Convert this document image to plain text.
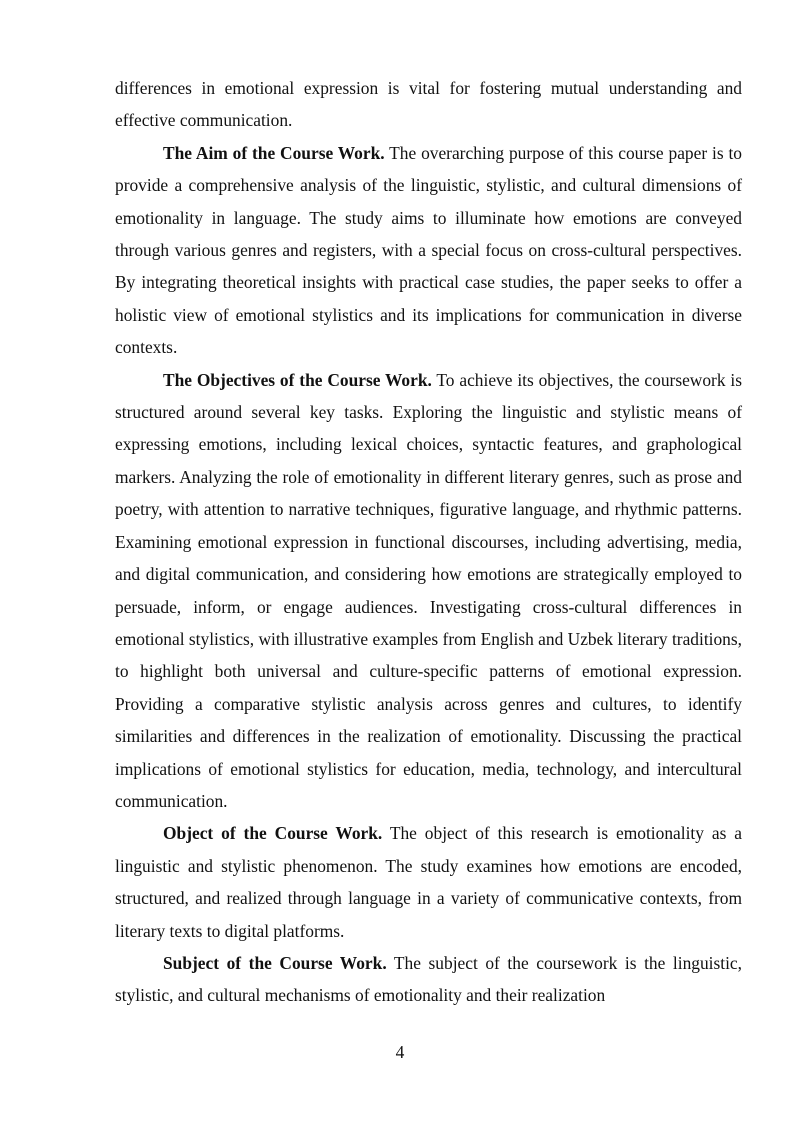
differences in emotional expression is vital for fostering mutual understanding and effective communication.

The Aim of the Course Work. The overarching purpose of this course paper is to provide a comprehensive analysis of the linguistic, stylistic, and cultural dimensions of emotionality in language. The study aims to illuminate how emotions are conveyed through various genres and registers, with a special focus on cross-cultural perspectives. By integrating theoretical insights with practical case studies, the paper seeks to offer a holistic view of emotional stylistics and its implications for communication in diverse contexts.

The Objectives of the Course Work. To achieve its objectives, the coursework is structured around several key tasks. Exploring the linguistic and stylistic means of expressing emotions, including lexical choices, syntactic features, and graphological markers. Analyzing the role of emotionality in different literary genres, such as prose and poetry, with attention to narrative techniques, figurative language, and rhythmic patterns. Examining emotional expression in functional discourses, including advertising, media, and digital communication, and considering how emotions are strategically employed to persuade, inform, or engage audiences. Investigating cross-cultural differences in emotional stylistics, with illustrative examples from English and Uzbek literary traditions, to highlight both universal and culture-specific patterns of emotional expression. Providing a comparative stylistic analysis across genres and cultures, to identify similarities and differences in the realization of emotionality. Discussing the practical implications of emotional stylistics for education, media, technology, and intercultural communication.

Object of the Course Work. The object of this research is emotionality as a linguistic and stylistic phenomenon. The study examines how emotions are encoded, structured, and realized through language in a variety of communicative contexts, from literary texts to digital platforms.

Subject of the Course Work. The subject of the coursework is the linguistic, stylistic, and cultural mechanisms of emotionality and their realization

4
